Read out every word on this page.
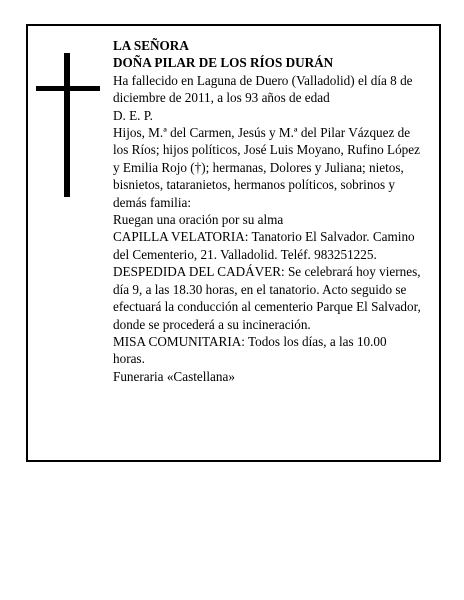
LA SEÑORA

DOÑA PILAR DE LOS RÍOS DURÁN

Ha fallecido en Laguna de Duero (Valladolid) el día 8 de diciembre de 2011, a los 93 años de edad

D. E. P.

Hijos, M.ª del Carmen, Jesús y M.ª del Pilar Vázquez de los Ríos; hijos políticos, José Luis Moyano, Rufino López y Emilia Rojo (†); hermanas, Dolores y Juliana; nietos, bisnietos, tataranietos, hermanos políticos, sobrinos y demás familia:

Ruegan una oración por su alma

CAPILLA VELATORIA: Tanatorio El Salvador. Camino del Cementerio, 21. Valladolid. Teléf. 983251225.

DESPEDIDA DEL CADÁVER: Se celebrará hoy viernes, día 9, a las 18.30 horas, en el tanatorio. Acto seguido se efectuará la conducción al cementerio Parque El Salvador, donde se procederá a su incineración.

MISA COMUNITARIA: Todos los días, a las 10.00 horas.

Funeraria «Castellana»
